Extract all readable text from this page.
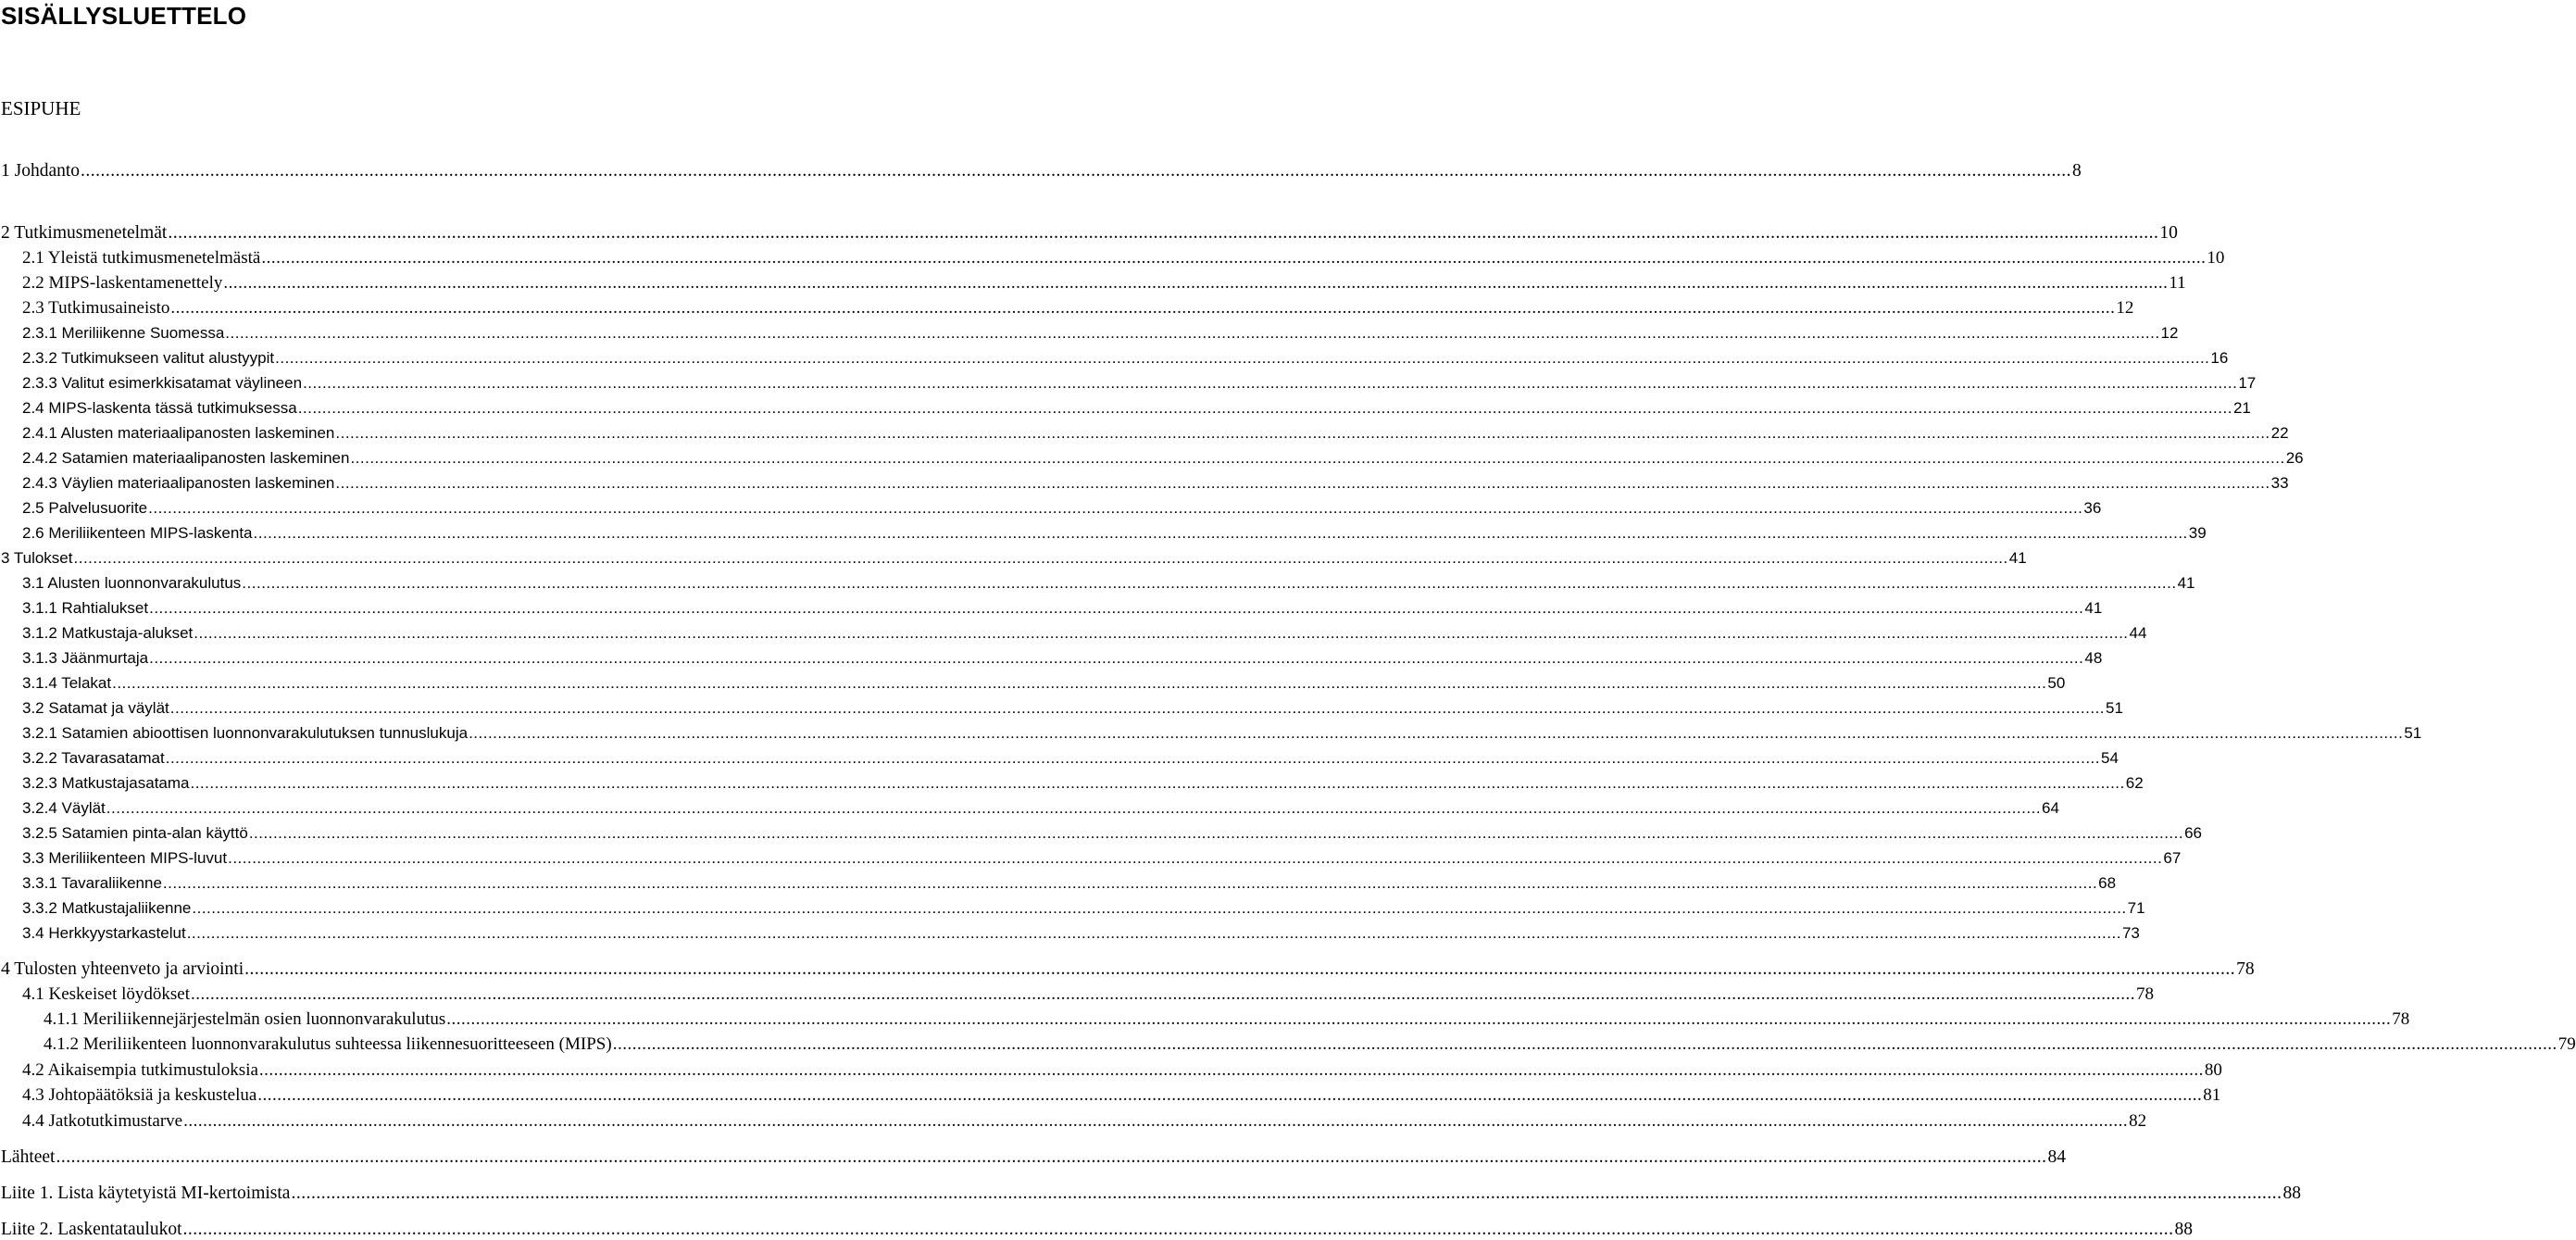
SISÄLLYSLUETTELO
ESIPUHE
1 Johdanto ................................................................................................................................................................................................................................................................................................................................................................................................................ 8
2 Tutkimusmenetelmät ................................................................................................................................................................................................................................................................................................................................................................................................................ 10
2.1 Yleistä tutkimusmenetelmästä ................................................................................................................................................................................................................................................................................................................................................................................................................ 10
2.2 MIPS-laskentamenettely ................................................................................................................................................................................................................................................................................................................................................................................................................ 11
2.3 Tutkimusaineisto ................................................................................................................................................................................................................................................................................................................................................................................................................ 12
2.3.1 Meriliikenne Suomessa ................................................................................................................................................................................................................................................................................................................................................................................................................ 12
2.3.2 Tutkimukseen valitut alustyypit ................................................................................................................................................................................................................................................................................................................................................................................................................ 16
2.3.3 Valitut esimerkkisatamat väylineen ................................................................................................................................................................................................................................................................................................................................................................................................................ 17
2.4 MIPS-laskenta tässä tutkimuksessa ................................................................................................................................................................................................................................................................................................................................................................................................................ 21
2.4.1 Alusten materiaalipanosten laskeminen ................................................................................................................................................................................................................................................................................................................................................................................................................ 22
2.4.2 Satamien materiaalipanosten laskeminen ................................................................................................................................................................................................................................................................................................................................................................................................................ 26
2.4.3 Väylien materiaalipanosten laskeminen ................................................................................................................................................................................................................................................................................................................................................................................................................ 33
2.5 Palvelusuorite ................................................................................................................................................................................................................................................................................................................................................................................................................ 36
2.6 Meriliikenteen MIPS-laskenta ................................................................................................................................................................................................................................................................................................................................................................................................................ 39
3 Tulokset ................................................................................................................................................................................................................................................................................................................................................................................................................ 41
3.1 Alusten luonnonvarakulutus ................................................................................................................................................................................................................................................................................................................................................................................................................ 41
3.1.1 Rahtialukset ................................................................................................................................................................................................................................................................................................................................................................................................................ 41
3.1.2 Matkustaja-alukset ................................................................................................................................................................................................................................................................................................................................................................................................................ 44
3.1.3 Jäänmurtaja ................................................................................................................................................................................................................................................................................................................................................................................................................ 48
3.1.4 Telakat ................................................................................................................................................................................................................................................................................................................................................................................................................ 50
3.2 Satamat ja väylät ................................................................................................................................................................................................................................................................................................................................................................................................................ 51
3.2.1 Satamien abioottisen luonnonvarakulutuksen tunnuslukuja ................................................................................................................................................................................................................................................................................................................................................................................................................ 51
3.2.2 Tavarasatamat ................................................................................................................................................................................................................................................................................................................................................................................................................ 54
3.2.3 Matkustajasatama ................................................................................................................................................................................................................................................................................................................................................................................................................ 62
3.2.4 Väylät ................................................................................................................................................................................................................................................................................................................................................................................................................ 64
3.2.5 Satamien pinta-alan käyttö ................................................................................................................................................................................................................................................................................................................................................................................................................ 66
3.3 Meriliikenteen MIPS-luvut ................................................................................................................................................................................................................................................................................................................................................................................................................ 67
3.3.1 Tavaraliikenne ................................................................................................................................................................................................................................................................................................................................................................................................................ 68
3.3.2 Matkustajaliikenne ................................................................................................................................................................................................................................................................................................................................................................................................................ 71
3.4 Herkkyystarkastelut ................................................................................................................................................................................................................................................................................................................................................................................................................ 73
4 Tulosten yhteenveto ja arviointi ................................................................................................................................................................................................................................................................................................................................................................................................................ 78
4.1 Keskeiset löydökset ................................................................................................................................................................................................................................................................................................................................................................................................................ 78
4.1.1 Meriliikennejärjestelmän osien luonnonvarakulutus ................................................................................................................................................................................................................................................................................................................................................................................................................ 78
4.1.2 Meriliikenteen luonnonvarakulutus suhteessa liikennesuoritteeseen (MIPS) ................................................................................................................................................................................................................................................................................................................................................................................................................ 79
4.2 Aikaisempia tutkimustuloksia ................................................................................................................................................................................................................................................................................................................................................................................................................ 80
4.3 Johtopäätöksiä ja keskustelua ................................................................................................................................................................................................................................................................................................................................................................................................................ 81
4.4 Jatkotutkimustarve ................................................................................................................................................................................................................................................................................................................................................................................................................ 82
Lähteet ................................................................................................................................................................................................................................................................................................................................................................................................................ 84
Liite 1. Lista käytetyistä MI-kertoimista ................................................................................................................................................................................................................................................................................................................................................................................................................ 88
Liite 2. Laskentataulukot ................................................................................................................................................................................................................................................................................................................................................................................................................ 88
